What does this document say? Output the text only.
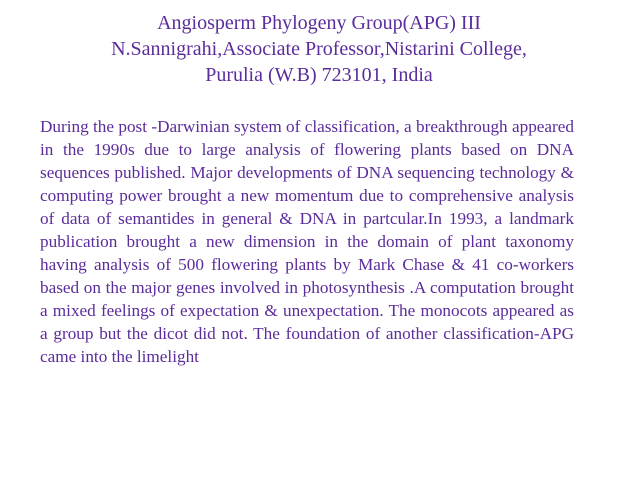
Angiosperm Phylogeny Group(APG) III
N.Sannigrahi,Associate Professor,Nistarini College,
Purulia (W.B) 723101, India

During the post -Darwinian system of classification, a breakthrough appeared in the 1990s due to large analysis of flowering plants based on DNA sequences published. Major developments of DNA sequencing technology & computing power brought a new momentum due to comprehensive analysis of data of semantides in general & DNA in partcular.In 1993, a landmark publication brought a new dimension in the domain of plant taxonomy having analysis of 500 flowering plants by Mark Chase & 41 co-workers based on the major genes involved in photosynthesis .A computation brought a mixed feelings of expectation & unexpectation. The monocots appeared as a group but the dicot did not. The foundation of another classification-APG came into the limelight
